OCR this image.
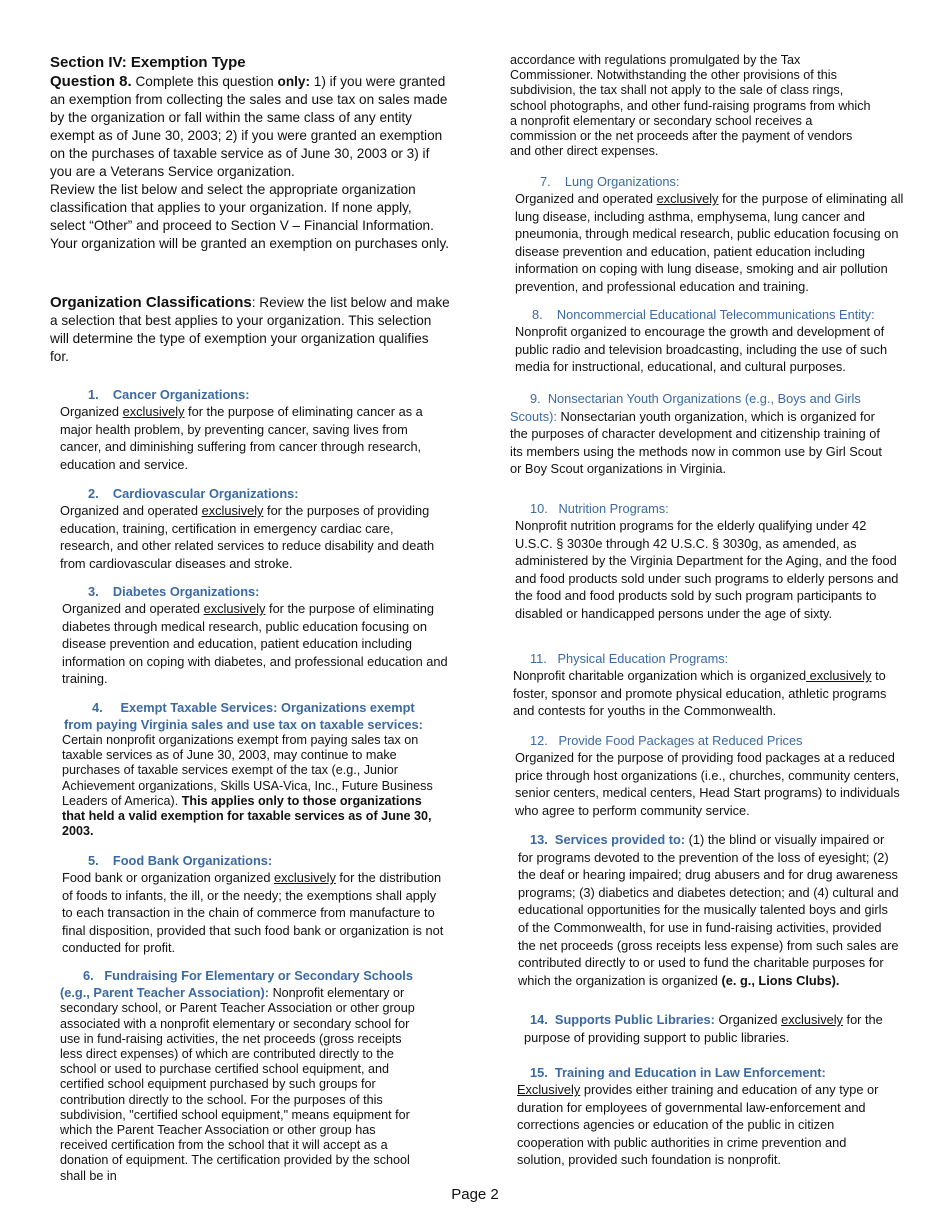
Section IV: Exemption Type
Question 8. Complete this question only: 1) if you were granted an exemption from collecting the sales and use tax on sales made by the organization or fall within the same class of any entity exempt as of June 30, 2003; 2) if you were granted an exemption on the purchases of taxable service as of June 30, 2003 or 3) if you are a Veterans Service organization.
Review the list below and select the appropriate organization classification that applies to your organization. If none apply, select “Other” and proceed to Section V – Financial Information. Your organization will be granted an exemption on purchases only.
Organization Classifications: Review the list below and make a selection that best applies to your organization. This selection will determine the type of exemption your organization qualifies for.
1. Cancer Organizations:
Organized exclusively for the purpose of eliminating cancer as a major health problem, by preventing cancer, saving lives from cancer, and diminishing suffering from cancer through research, education and service.
2. Cardiovascular Organizations:
Organized and operated exclusively for the purposes of providing education, training, certification in emergency cardiac care, research, and other related services to reduce disability and death from cardiovascular diseases and stroke.
3. Diabetes Organizations:
Organized and operated exclusively for the purpose of eliminating diabetes through medical research, public education focusing on disease prevention and education, patient education including information on coping with diabetes, and professional education and training.
4. Exempt Taxable Services: Organizations exempt from paying Virginia sales and use tax on taxable services:
Certain nonprofit organizations exempt from paying sales tax on taxable services as of June 30, 2003, may continue to make purchases of taxable services exempt of the tax (e.g., Junior Achievement organizations, Skills USA-Vica, Inc., Future Business Leaders of America). This applies only to those organizations that held a valid exemption for taxable services as of June 30, 2003.
5. Food Bank Organizations:
Food bank or organization organized exclusively for the distribution of foods to infants, the ill, or the needy; the exemptions shall apply to each transaction in the chain of commerce from manufacture to final disposition, provided that such food bank or organization is not conducted for profit.
6. Fundraising For Elementary or Secondary Schools (e.g., Parent Teacher Association): Nonprofit elementary or secondary school, or Parent Teacher Association or other group associated with a nonprofit elementary or secondary school for use in fund-raising activities, the net proceeds (gross receipts less direct expenses) of which are contributed directly to the school or used to purchase certified school equipment, and certified school equipment purchased by such groups for contribution directly to the school. For the purposes of this subdivision, "certified school equipment," means equipment for which the Parent Teacher Association or other group has received certification from the school that it will accept as a donation of equipment. The certification provided by the school shall be in
accordance with regulations promulgated by the Tax Commissioner. Notwithstanding the other provisions of this subdivision, the tax shall not apply to the sale of class rings, school photographs, and other fund-raising programs from which a nonprofit elementary or secondary school receives a commission or the net proceeds after the payment of vendors and other direct expenses.
7. Lung Organizations:
Organized and operated exclusively for the purpose of eliminating all lung disease, including asthma, emphysema, lung cancer and pneumonia, through medical research, public education focusing on disease prevention and education, patient education including information on coping with lung disease, smoking and air pollution prevention, and professional education and training.
8. Noncommercial Educational Telecommunications Entity:
Nonprofit organized to encourage the growth and development of public radio and television broadcasting, including the use of such media for instructional, educational, and cultural purposes.
9. Nonsectarian Youth Organizations (e.g., Boys and Girls Scouts): Nonsectarian youth organization, which is organized for the purposes of character development and citizenship training of its members using the methods now in common use by Girl Scout or Boy Scout organizations in Virginia.
10. Nutrition Programs:
Nonprofit nutrition programs for the elderly qualifying under 42 U.S.C. § 3030e through 42 U.S.C. § 3030g, as amended, as administered by the Virginia Department for the Aging, and the food and food products sold under such programs to elderly persons and the food and food products sold by such program participants to disabled or handicapped persons under the age of sixty.
11. Physical Education Programs:
Nonprofit charitable organization which is organized exclusively to foster, sponsor and promote physical education, athletic programs and contests for youths in the Commonwealth.
12. Provide Food Packages at Reduced Prices
Organized for the purpose of providing food packages at a reduced price through host organizations (i.e., churches, community centers, senior centers, medical centers, Head Start programs) to individuals who agree to perform community service.
13. Services provided to: (1) the blind or visually impaired or for programs devoted to the prevention of the loss of eyesight; (2) the deaf or hearing impaired; drug abusers and for drug awareness programs; (3) diabetics and diabetes detection; and (4) cultural and educational opportunities for the musically talented boys and girls of the Commonwealth, for use in fund-raising activities, provided the net proceeds (gross receipts less expense) from such sales are contributed directly to or used to fund the charitable purposes for which the organization is organized (e. g., Lions Clubs).
14. Supports Public Libraries: Organized exclusively for the purpose of providing support to public libraries.
15. Training and Education in Law Enforcement:
Exclusively provides either training and education of any type or duration for employees of governmental law-enforcement and corrections agencies or education of the public in citizen cooperation with public authorities in crime prevention and solution, provided such foundation is nonprofit.
Page 2
